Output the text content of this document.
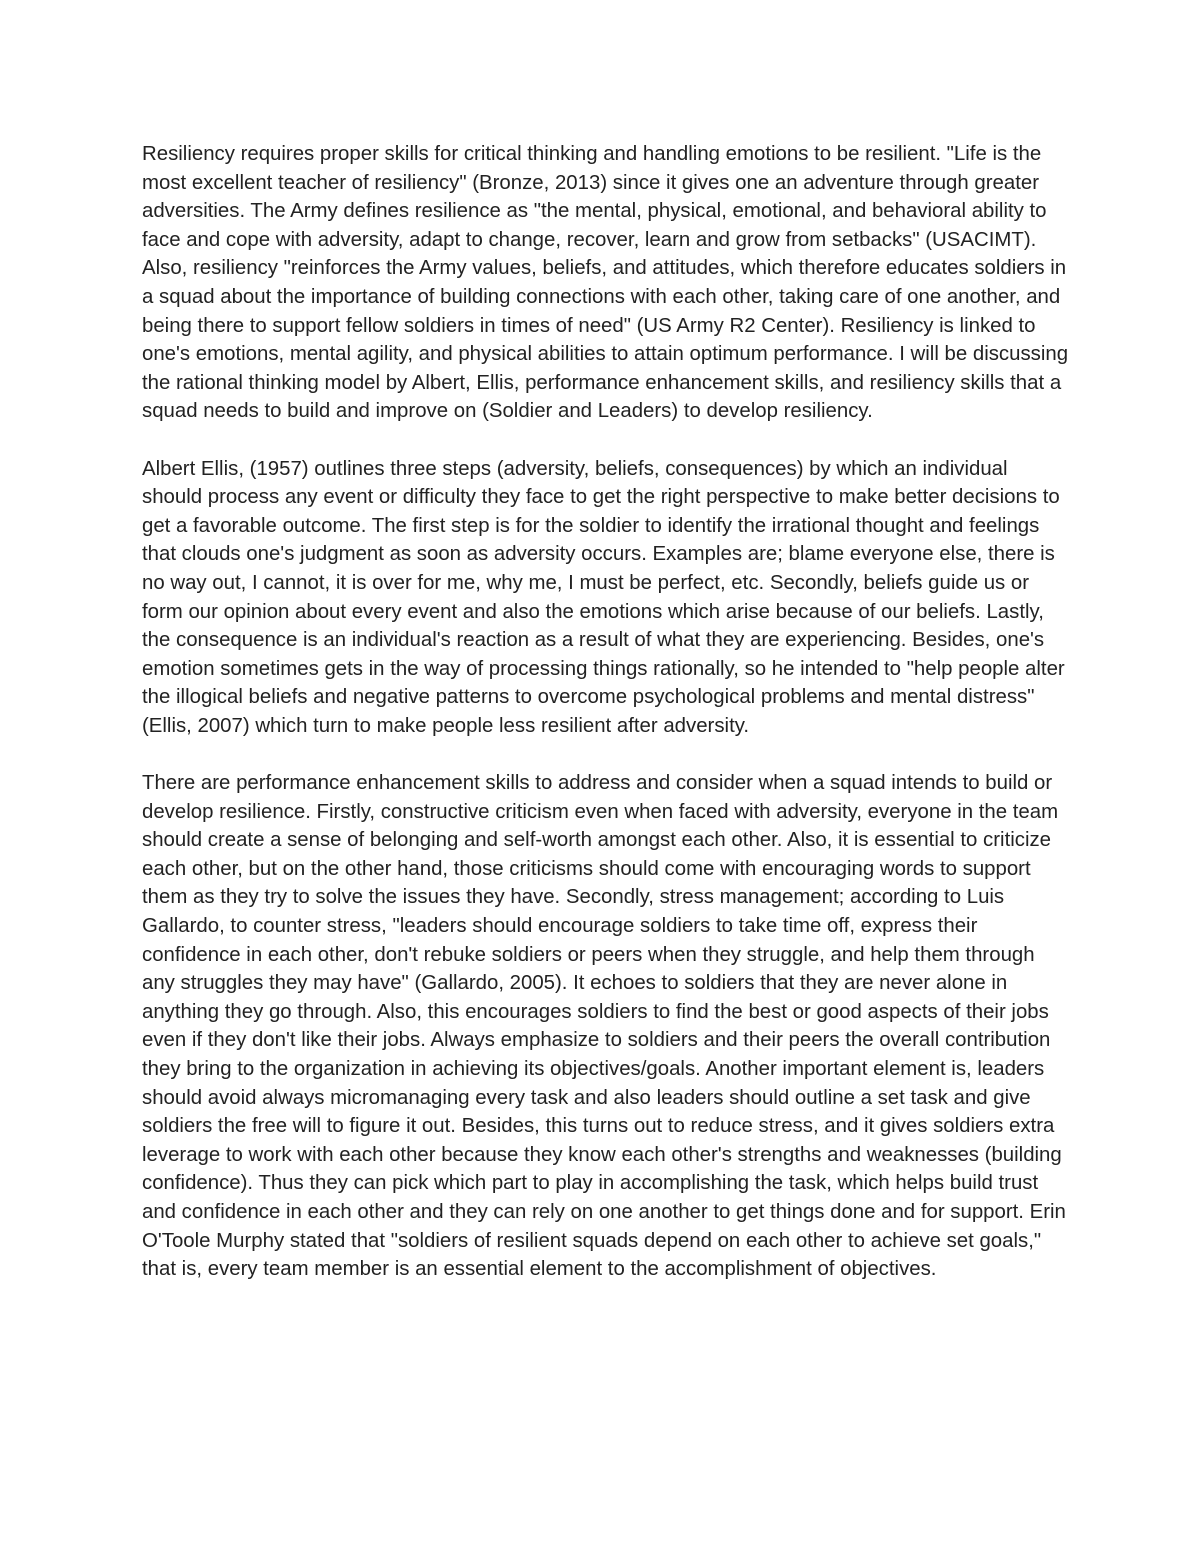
Resiliency requires proper skills for critical thinking and handling emotions to be resilient. "Life is the most excellent teacher of resiliency" (Bronze, 2013) since it gives one an adventure through greater adversities. The Army defines resilience as "the mental, physical, emotional, and behavioral ability to face and cope with adversity, adapt to change, recover, learn and grow from setbacks" (USACIMT). Also, resiliency "reinforces the Army values, beliefs, and attitudes, which therefore educates soldiers in a squad about the importance of building connections with each other, taking care of one another, and being there to support fellow soldiers in times of need" (US Army R2 Center). Resiliency is linked to one's emotions, mental agility, and physical abilities to attain optimum performance. I will be discussing the rational thinking model by Albert, Ellis, performance enhancement skills, and resiliency skills that a squad needs to build and improve on (Soldier and Leaders) to develop resiliency.

Albert Ellis, (1957) outlines three steps (adversity, beliefs, consequences) by which an individual should process any event or difficulty they face to get the right perspective to make better decisions to get a favorable outcome. The first step is for the soldier to identify the irrational thought and feelings that clouds one's judgment as soon as adversity occurs. Examples are; blame everyone else, there is no way out, I cannot, it is over for me, why me, I must be perfect, etc. Secondly, beliefs guide us or form our opinion about every event and also the emotions which arise because of our beliefs. Lastly, the consequence is an individual's reaction as a result of what they are experiencing. Besides, one's emotion sometimes gets in the way of processing things rationally, so he intended to "help people alter the illogical beliefs and negative patterns to overcome psychological problems and mental distress" (Ellis, 2007) which turn to make people less resilient after adversity.

There are performance enhancement skills to address and consider when a squad intends to build or develop resilience. Firstly, constructive criticism even when faced with adversity, everyone in the team should create a sense of belonging and self-worth amongst each other. Also, it is essential to criticize each other, but on the other hand, those criticisms should come with encouraging words to support them as they try to solve the issues they have. Secondly, stress management; according to Luis Gallardo, to counter stress, "leaders should encourage soldiers to take time off, express their confidence in each other, don't rebuke soldiers or peers when they struggle, and help them through any struggles they may have" (Gallardo, 2005). It echoes to soldiers that they are never alone in anything they go through. Also, this encourages soldiers to find the best or good aspects of their jobs even if they don't like their jobs. Always emphasize to soldiers and their peers the overall contribution they bring to the organization in achieving its objectives/goals. Another important element is, leaders should avoid always micromanaging every task and also leaders should outline a set task and give soldiers the free will to figure it out. Besides, this turns out to reduce stress, and it gives soldiers extra leverage to work with each other because they know each other's strengths and weaknesses (building confidence). Thus they can pick which part to play in accomplishing the task, which helps build trust and confidence in each other and they can rely on one another to get things done and for support. Erin O'Toole Murphy stated that "soldiers of resilient squads depend on each other to achieve set goals," that is, every team member is an essential element to the accomplishment of objectives.
